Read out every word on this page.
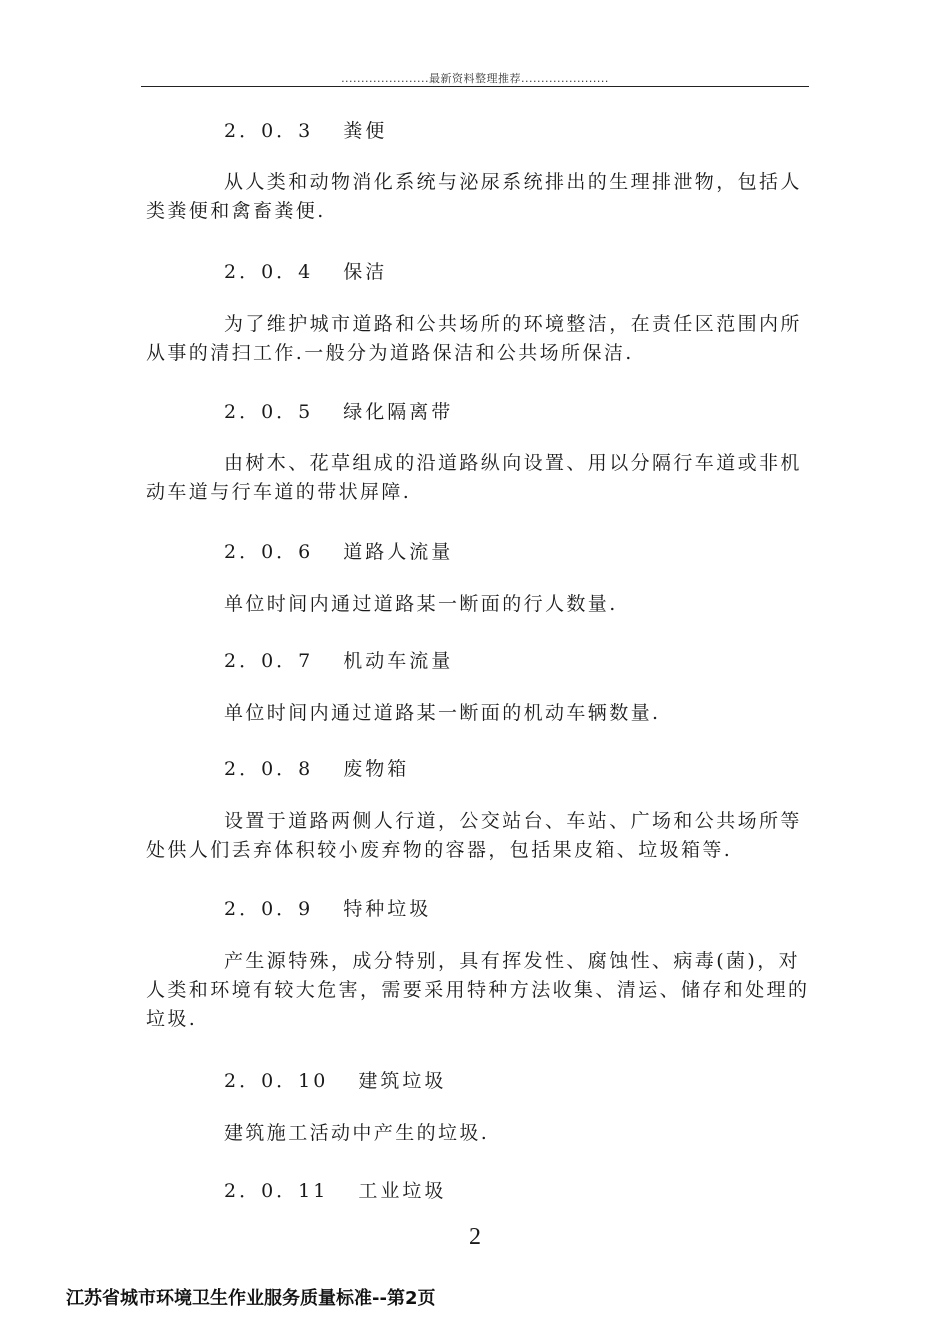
......................最新资料整理推荐......................
2．0．3 粪便
从人类和动物消化系统与泌尿系统排出的生理排泄物，包括人类粪便和禽畜粪便.
2．0．4 保洁
为了维护城市道路和公共场所的环境整洁，在责任区范围内所从事的清扫工作.一般分为道路保洁和公共场所保洁.
2．0．5 绿化隔离带
由树木、花草组成的沿道路纵向设置、用以分隔行车道或非机动车道与行车道的带状屏障.
2．0．6 道路人流量
单位时间内通过道路某一断面的行人数量.
2．0．7 机动车流量
单位时间内通过道路某一断面的机动车辆数量.
2．0．8 废物箱
设置于道路两侧人行道，公交站台、车站、广场和公共场所等处供人们丢弃体积较小废弃物的容器，包括果皮箱、垃圾箱等.
2．0．9 特种垃圾
产生源特殊，成分特别，具有挥发性、腐蚀性、病毒(菌)，对人类和环境有较大危害，需要采用特种方法收集、清运、储存和处理的垃圾.
2．0．10 建筑垃圾
建筑施工活动中产生的垃圾.
2．0．11 工业垃圾
2
江苏省城市环境卫生作业服务质量标准--第2页
